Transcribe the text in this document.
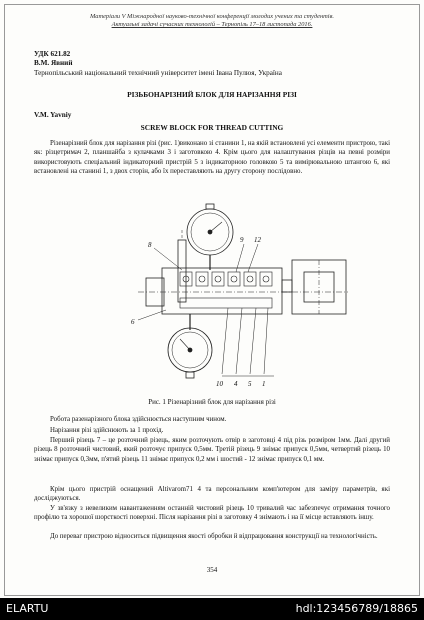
Матеріали V Міжнародної науково-технічної конференції молодих учених та студентів.
Актуальні задачі сучасних технологій – Тернопіль 17–18 листопада 2016.
УДК 621.82
В.М. Явний
Тернопільський національний технічний університет імені Івана Пулюя, Україна
РІЗЬБОНАРІЗНИЙ БЛОК ДЛЯ НАРІЗАННЯ РІЗІ
V.M. Yavniy
SCREW BLOCK FOR THREAD CUTTING

Різенарізний блок для нарізання різі (рис. 1)виконано зі станини 1, на якій встановлені усі елементи пристрою, такі як: різцетримач 2, планшайба з кулачками 3 і заготовкою 4. Крім цього для налаштування різців на певні розміри використовують спеціальний індикаторний пристрій 5 з індикаторною головкою 5 та вимірювальною штангою 6, які встановлені на станині 1, з двох сторін, або їх переставляють на другу сторону послідовно.

8
9 12
6
10 4 5 1
Рис. 1 Різенарізний блок для нарізання різі

Робота разенарізного блока здійснюється наступним чином.

Нарізання різі здійснюють за 1 прохід.

Перший різець 7 – це розточний різець, яким розточують отвір в заготовці 4 під різь розміром 1мм. Далі другий різець 8 розточний чистовий, який розточує припуск 0,5мм. Третій різець 9 знімає припуск 0,5мм, четвертий різець 10 знімає припуск 0,3мм, п'ятий різець 11 знімає припуск 0,2 мм і шостий - 12 знімає припуск 0,1 мм.

Крім цього пристрій оснащений Altivarom71 4 та персональним комп'ютером для заміру параметрів, які досліджуються.

У зв'язку з невеликим навантаженням останній чистовий різець 10 тривалий час забезпечує отримання точного профілю та хорошої шорсткості поверхні. Після нарізання різі в заготовку 4 знімають і на її місце вставляють іншу.

До переваг пристрою відноситься підвищення якості обробки й відпрацювання конструкції на технологічність.

354
ELARTU	hdl:123456789/18865
